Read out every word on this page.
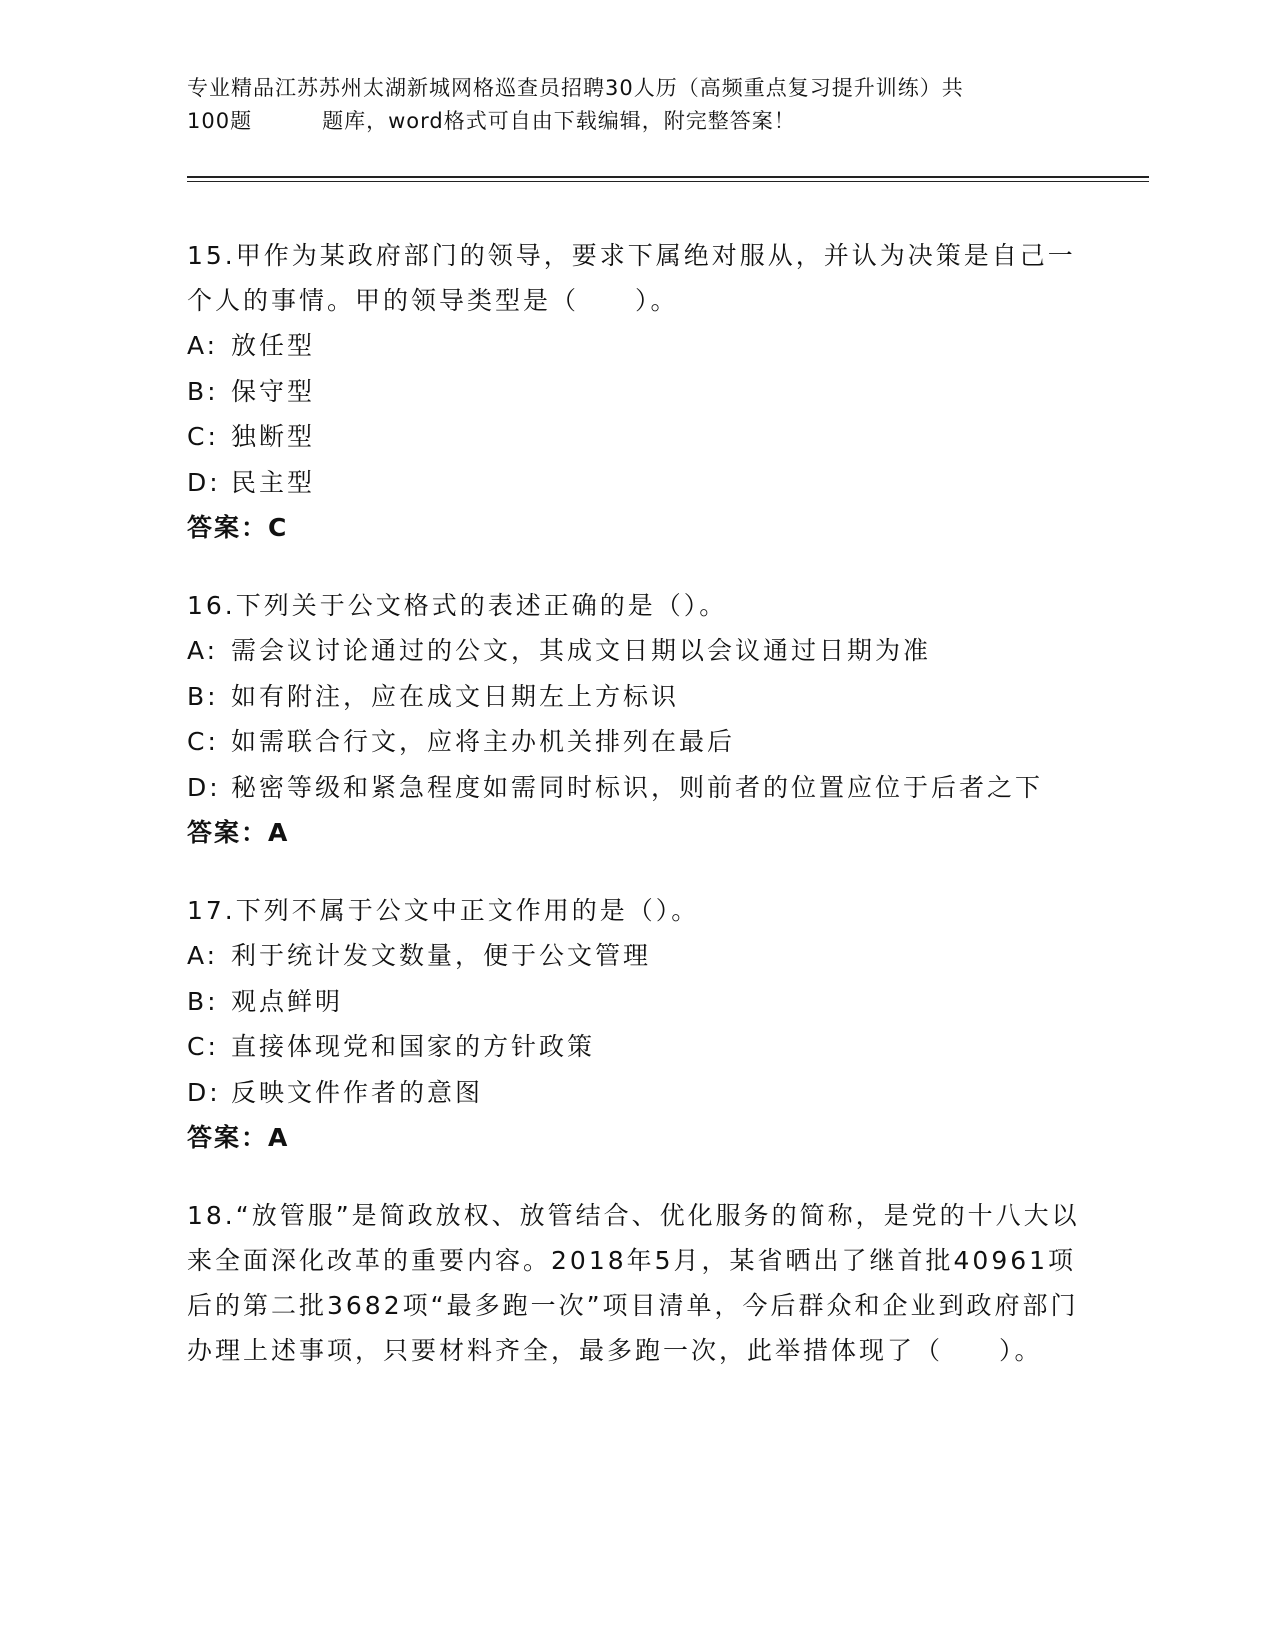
专业精品江苏苏州太湖新城网格巡查员招聘30人历（高频重点复习提升训练）共
100题	题库，word格式可自由下载编辑，附完整答案！

15.甲作为某政府部门的领导，要求下属绝对服从，并认为决策是自己一个人的事情。甲的领导类型是（　　）。

A: 放任型

B: 保守型

C: 独断型

D: 民主型

答案：C

16.下列关于公文格式的表述正确的是（）。

A: 需会议讨论通过的公文，其成文日期以会议通过日期为准

B: 如有附注，应在成文日期左上方标识

C: 如需联合行文，应将主办机关排列在最后

D: 秘密等级和紧急程度如需同时标识，则前者的位置应位于后者之下

答案：A

17.下列不属于公文中正文作用的是（）。

A: 利于统计发文数量，便于公文管理

B: 观点鲜明

C: 直接体现党和国家的方针政策

D: 反映文件作者的意图

答案：A

18.“放管服”是简政放权、放管结合、优化服务的简称，是党的十八大以来全面深化改革的重要内容。2018年5月，某省晒出了继首批40961项后的第二批3682项“最多跑一次”项目清单，今后群众和企业到政府部门办理上述事项，只要材料齐全，最多跑一次，此举措体现了（　　）。
